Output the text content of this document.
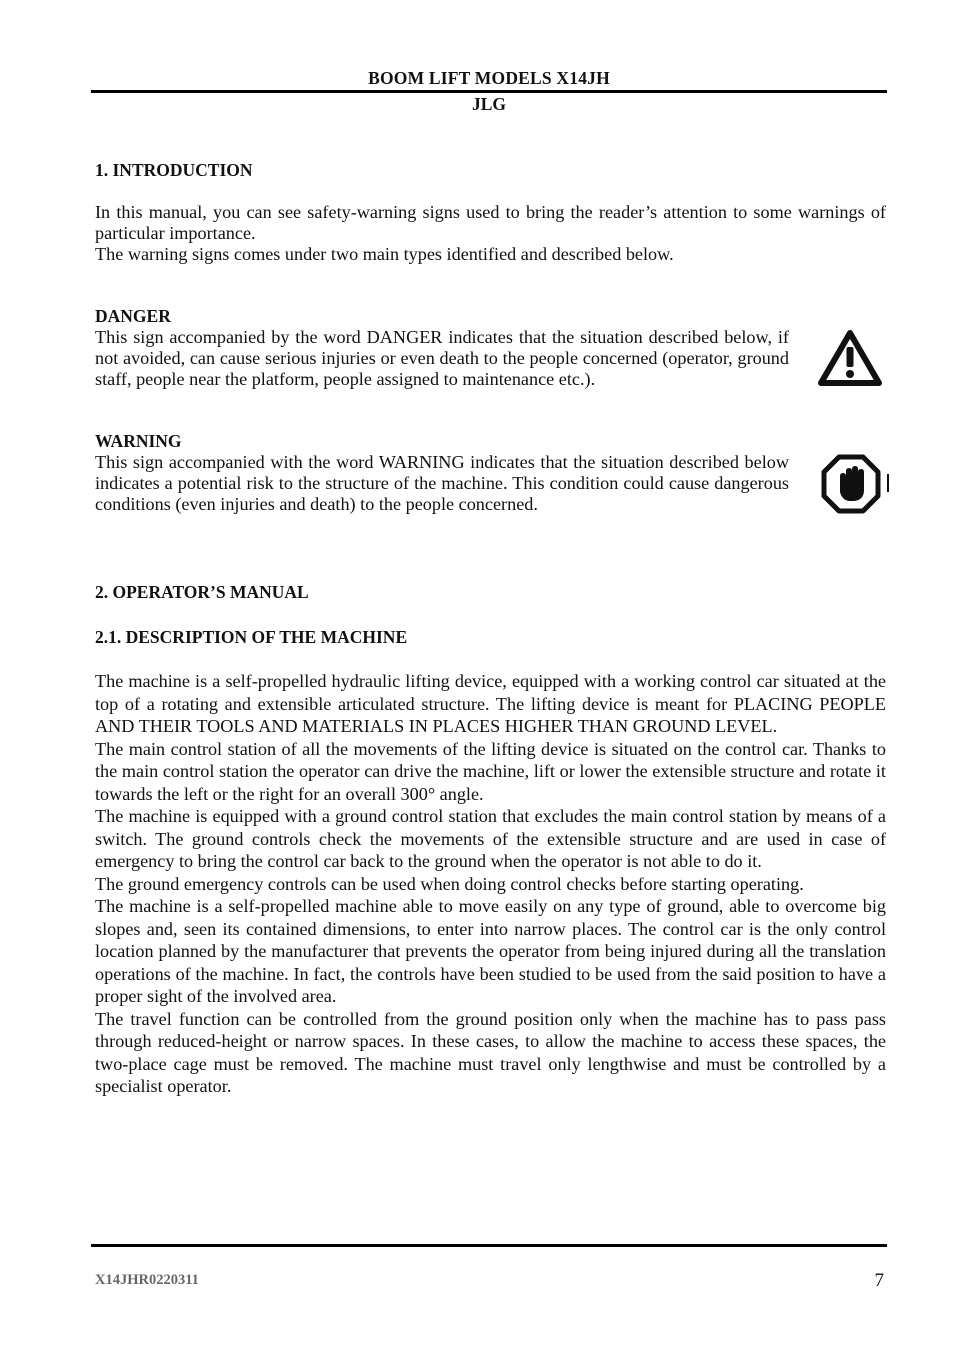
BOOM LIFT MODELS X14JH
JLG
1. INTRODUCTION
In this manual, you can see safety-warning signs used to bring the reader’s attention to some warnings of particular importance.
The warning signs comes under two main types identified and described below.
DANGER
This sign accompanied by the word DANGER indicates that the situation described below, if not avoided, can cause serious injuries or even death to the people concerned (operator, ground staff, people near the platform, people assigned to maintenance etc.).
WARNING
This sign accompanied with the word WARNING indicates that the situation described below indicates a potential risk to the structure of the machine. This condition could cause dangerous conditions (even injuries and death) to the people concerned.
2. OPERATOR’S MANUAL
2.1. DESCRIPTION OF THE MACHINE

The machine is a self-propelled hydraulic lifting device, equipped with a working control car situated at the top of a rotating and extensible articulated structure. The lifting device is meant for PLACING PEOPLE AND THEIR TOOLS AND MATERIALS IN PLACES HIGHER THAN GROUND LEVEL.

The main control station of all the movements of the lifting device is situated on the control car. Thanks to the main control station the operator can drive the machine, lift or lower the extensible structure and rotate it towards the left or the right for an overall 300° angle.

The machine is equipped with a ground control station that excludes the main control station by means of a switch. The ground controls check the movements of the extensible structure and are used in case of emergency to bring the control car back to the ground when the operator is not able to do it.

The ground emergency controls can be used when doing control checks before starting operating.

The machine is a self-propelled machine able to move easily on any type of ground, able to overcome big slopes and, seen its contained dimensions, to enter into narrow places. The control car is the only control location planned by the manufacturer that prevents the operator from being injured during all the translation operations of the machine. In fact, the controls have been studied to be used from the said position to have a proper sight of the involved area.

The travel function can be controlled from the ground position only when the machine has to pass pass through reduced-height or narrow spaces. In these cases, to allow the machine to access these spaces, the two-place cage must be removed. The machine must travel only lengthwise and must be controlled by a specialist operator.

X14JHR0220311	7
